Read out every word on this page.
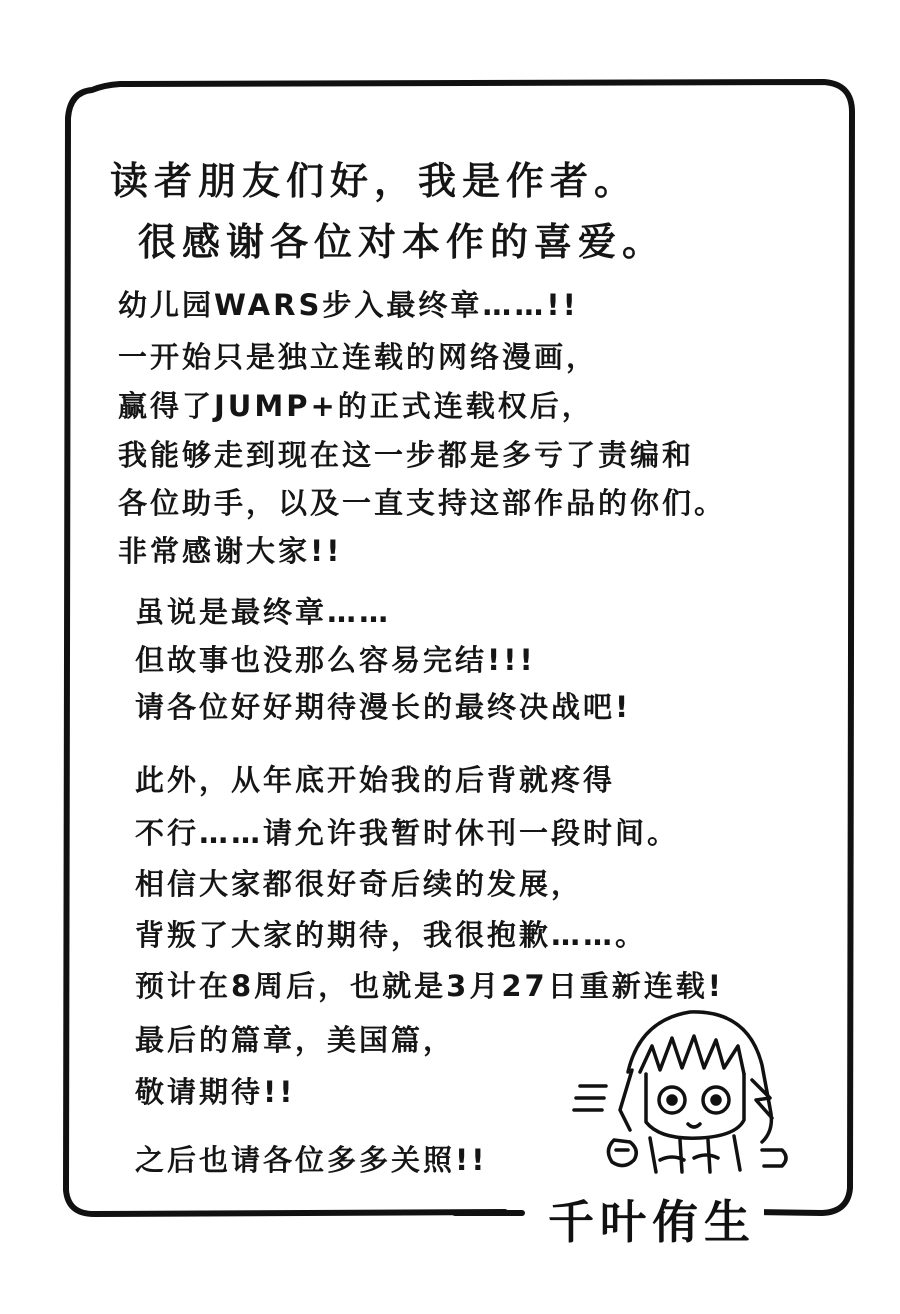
读者朋友们好，我是作者。
很感谢各位对本作的喜爱。
幼儿园WARS步入最终章……!!
一开始只是独立连载的网络漫画，
赢得了JUMP+的正式连载权后，
我能够走到现在这一步都是多亏了责编和
各位助手，以及一直支持这部作品的你们。
非常感谢大家!!
虽说是最终章……
但故事也没那么容易完结!!!
请各位好好期待漫长的最终决战吧!
此外，从年底开始我的后背就疼得
不行……请允许我暂时休刊一段时间。
相信大家都很好奇后续的发展，
背叛了大家的期待，我很抱歉……。
预计在8周后，也就是3月27日重新连载!
最后的篇章，美国篇，
敬请期待!!
之后也请各位多多关照!!
千叶侑生
